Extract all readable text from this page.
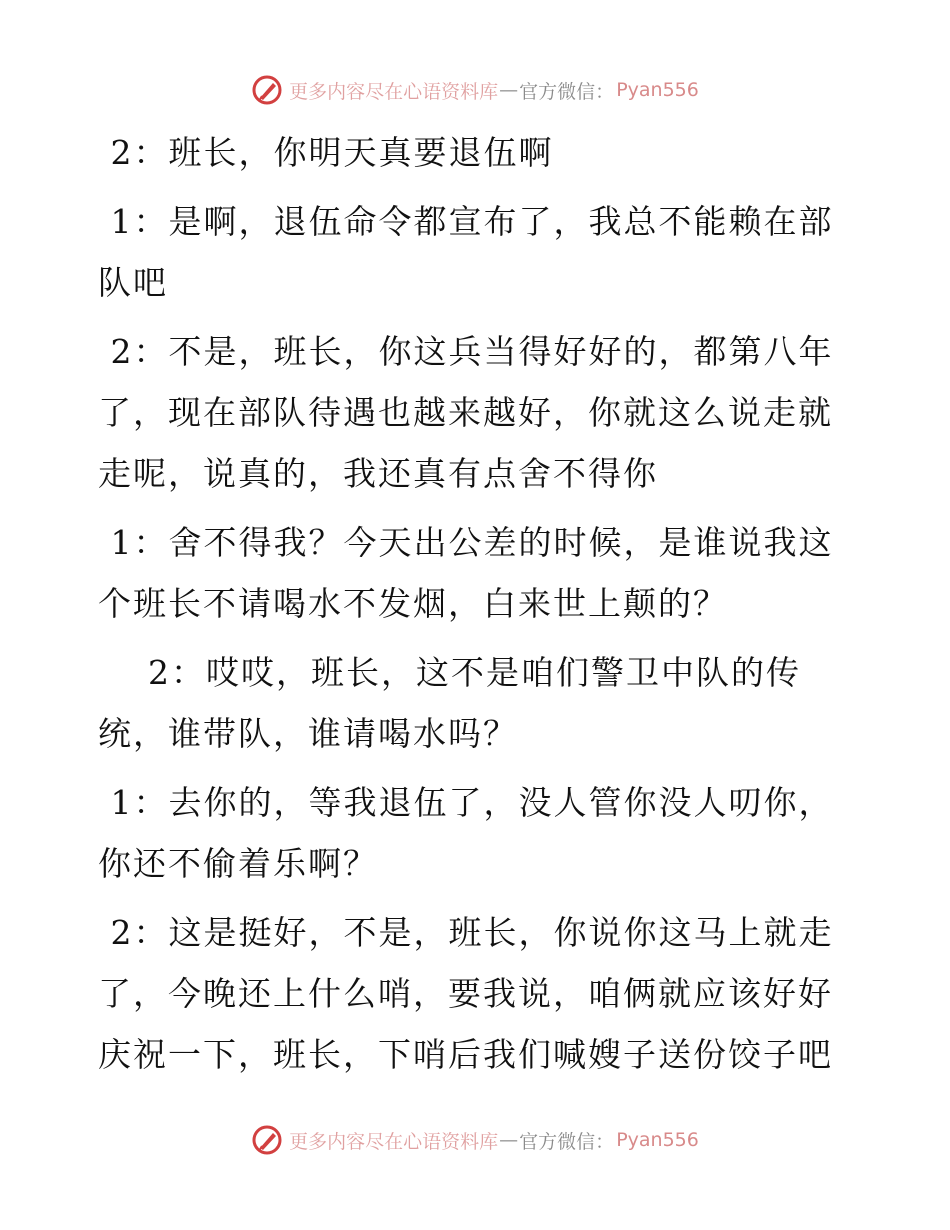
更多内容尽在心语资料库 — 官方微信： Pyan556

2：班长，你明天真要退伍啊

1：是啊，退伍命令都宣布了，我总不能赖在部队吧

2：不是，班长，你这兵当得好好的，都第八年了，现在部队待遇也越来越好，你就这么说走就走呢，说真的，我还真有点舍不得你

1：舍不得我？今天出公差的时候，是谁说我这个班长不请喝水不发烟，白来世上颠的？

2：哎哎，班长，这不是咱们警卫中队的传统，谁带队，谁请喝水吗？

1：去你的，等我退伍了，没人管你没人叨你，你还不偷着乐啊？

2：这是挺好，不是，班长，你说你这马上就走了，今晚还上什么哨，要我说，咱俩就应该好好庆祝一下，班长，下哨后我们喊嫂子送份饺子吧

更多内容尽在心语资料库 — 官方微信： Pyan556
